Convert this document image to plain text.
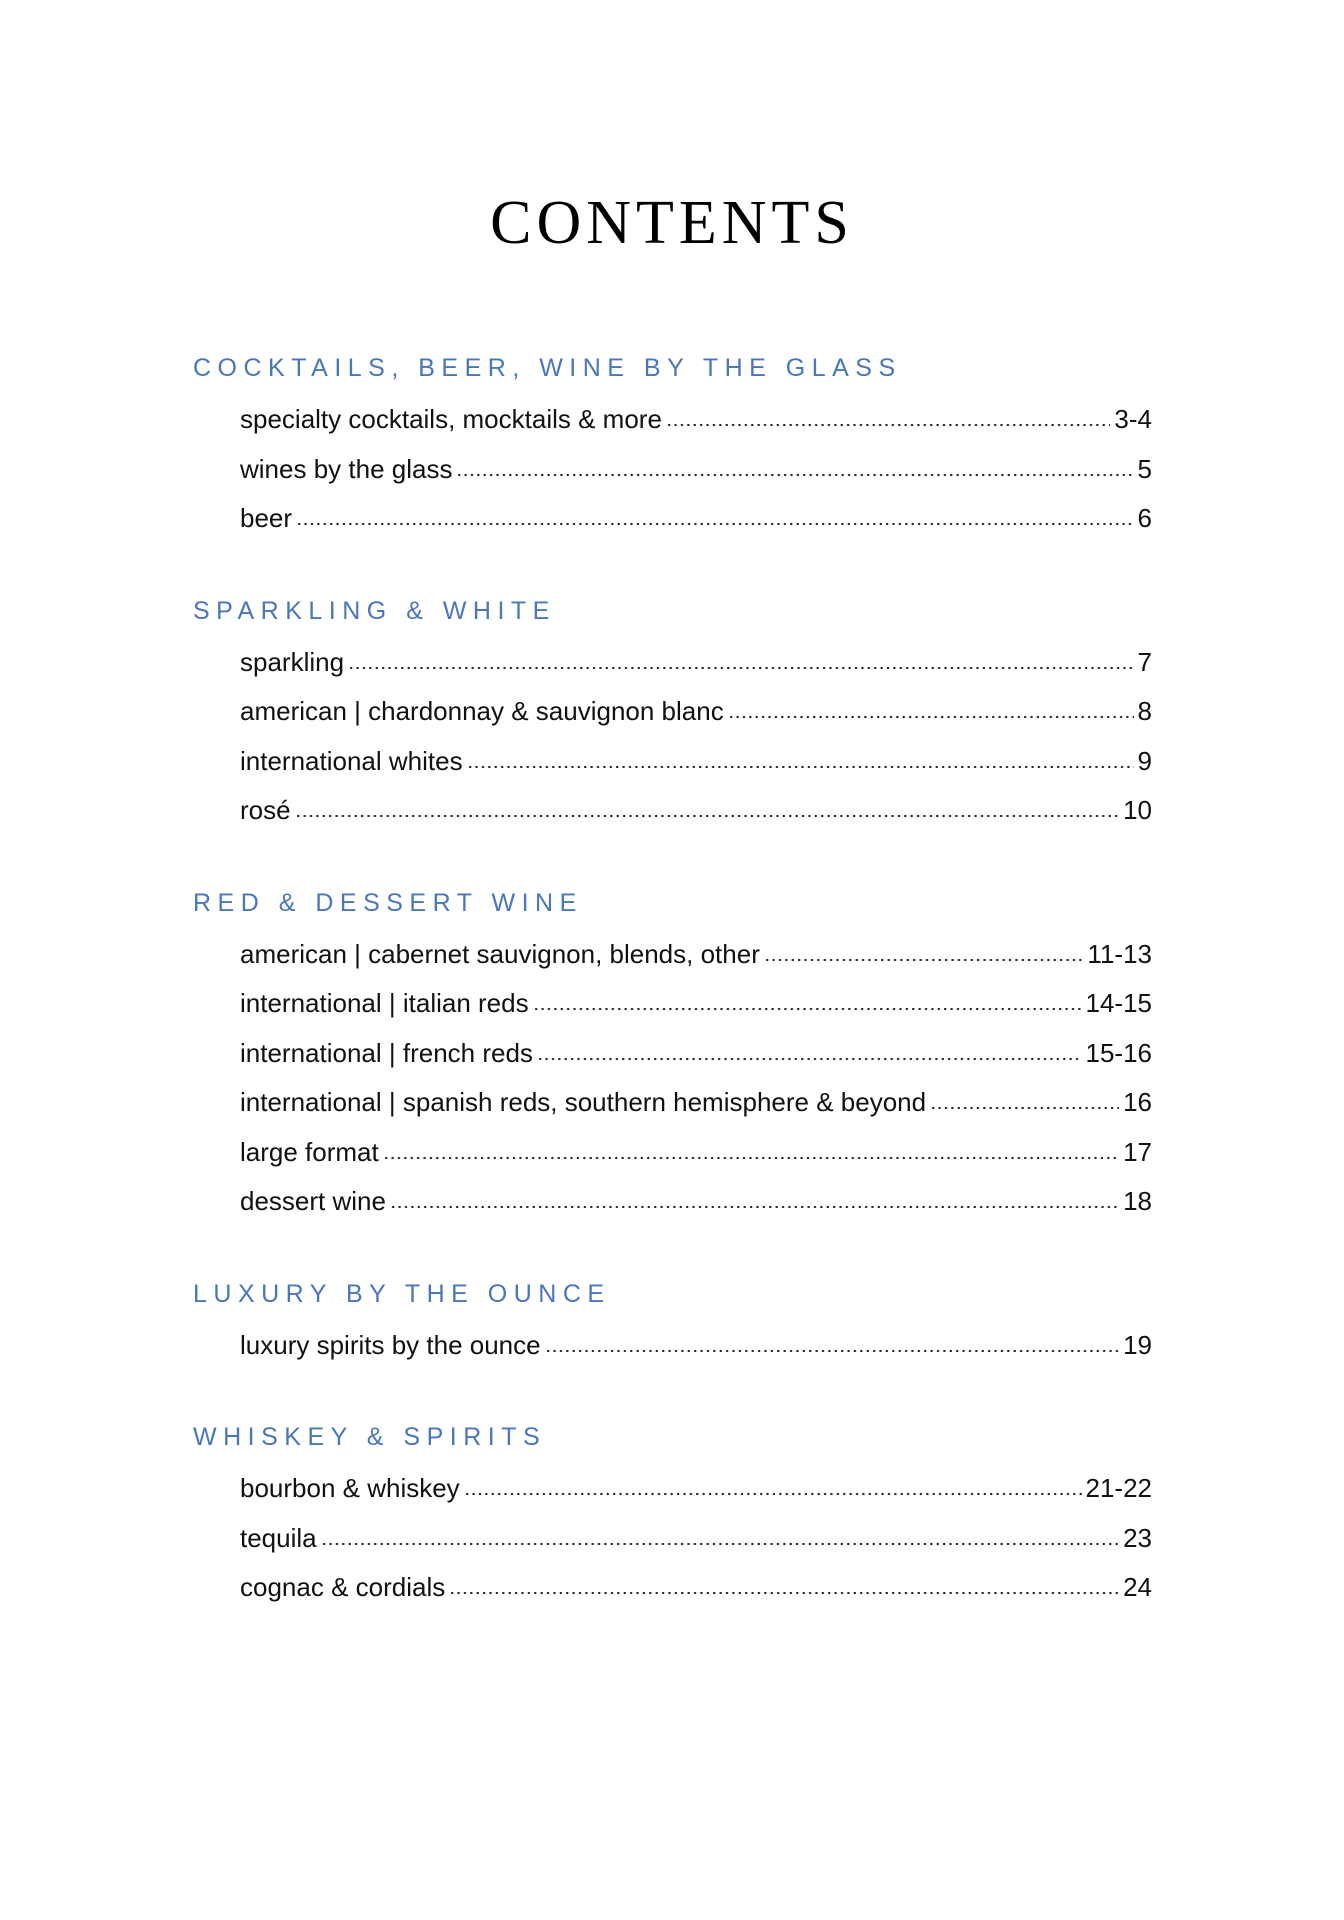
CONTENTS
COCKTAILS, BEER, WINE BY THE GLASS
specialty cocktails, mocktails & more	3-4
wines by the glass	5
beer	6
SPARKLING & WHITE
sparkling	7
american | chardonnay & sauvignon blanc	8
international whites	9
rosé	10
RED & DESSERT WINE
american | cabernet sauvignon, blends, other	11-13
international | italian reds	14-15
international | french reds	15-16
international | spanish reds, southern hemisphere & beyond	16
large format	17
dessert wine	18
LUXURY BY THE OUNCE
luxury spirits by the ounce	19
WHISKEY & SPIRITS
bourbon & whiskey	21-22
tequila	23
cognac & cordials	24
